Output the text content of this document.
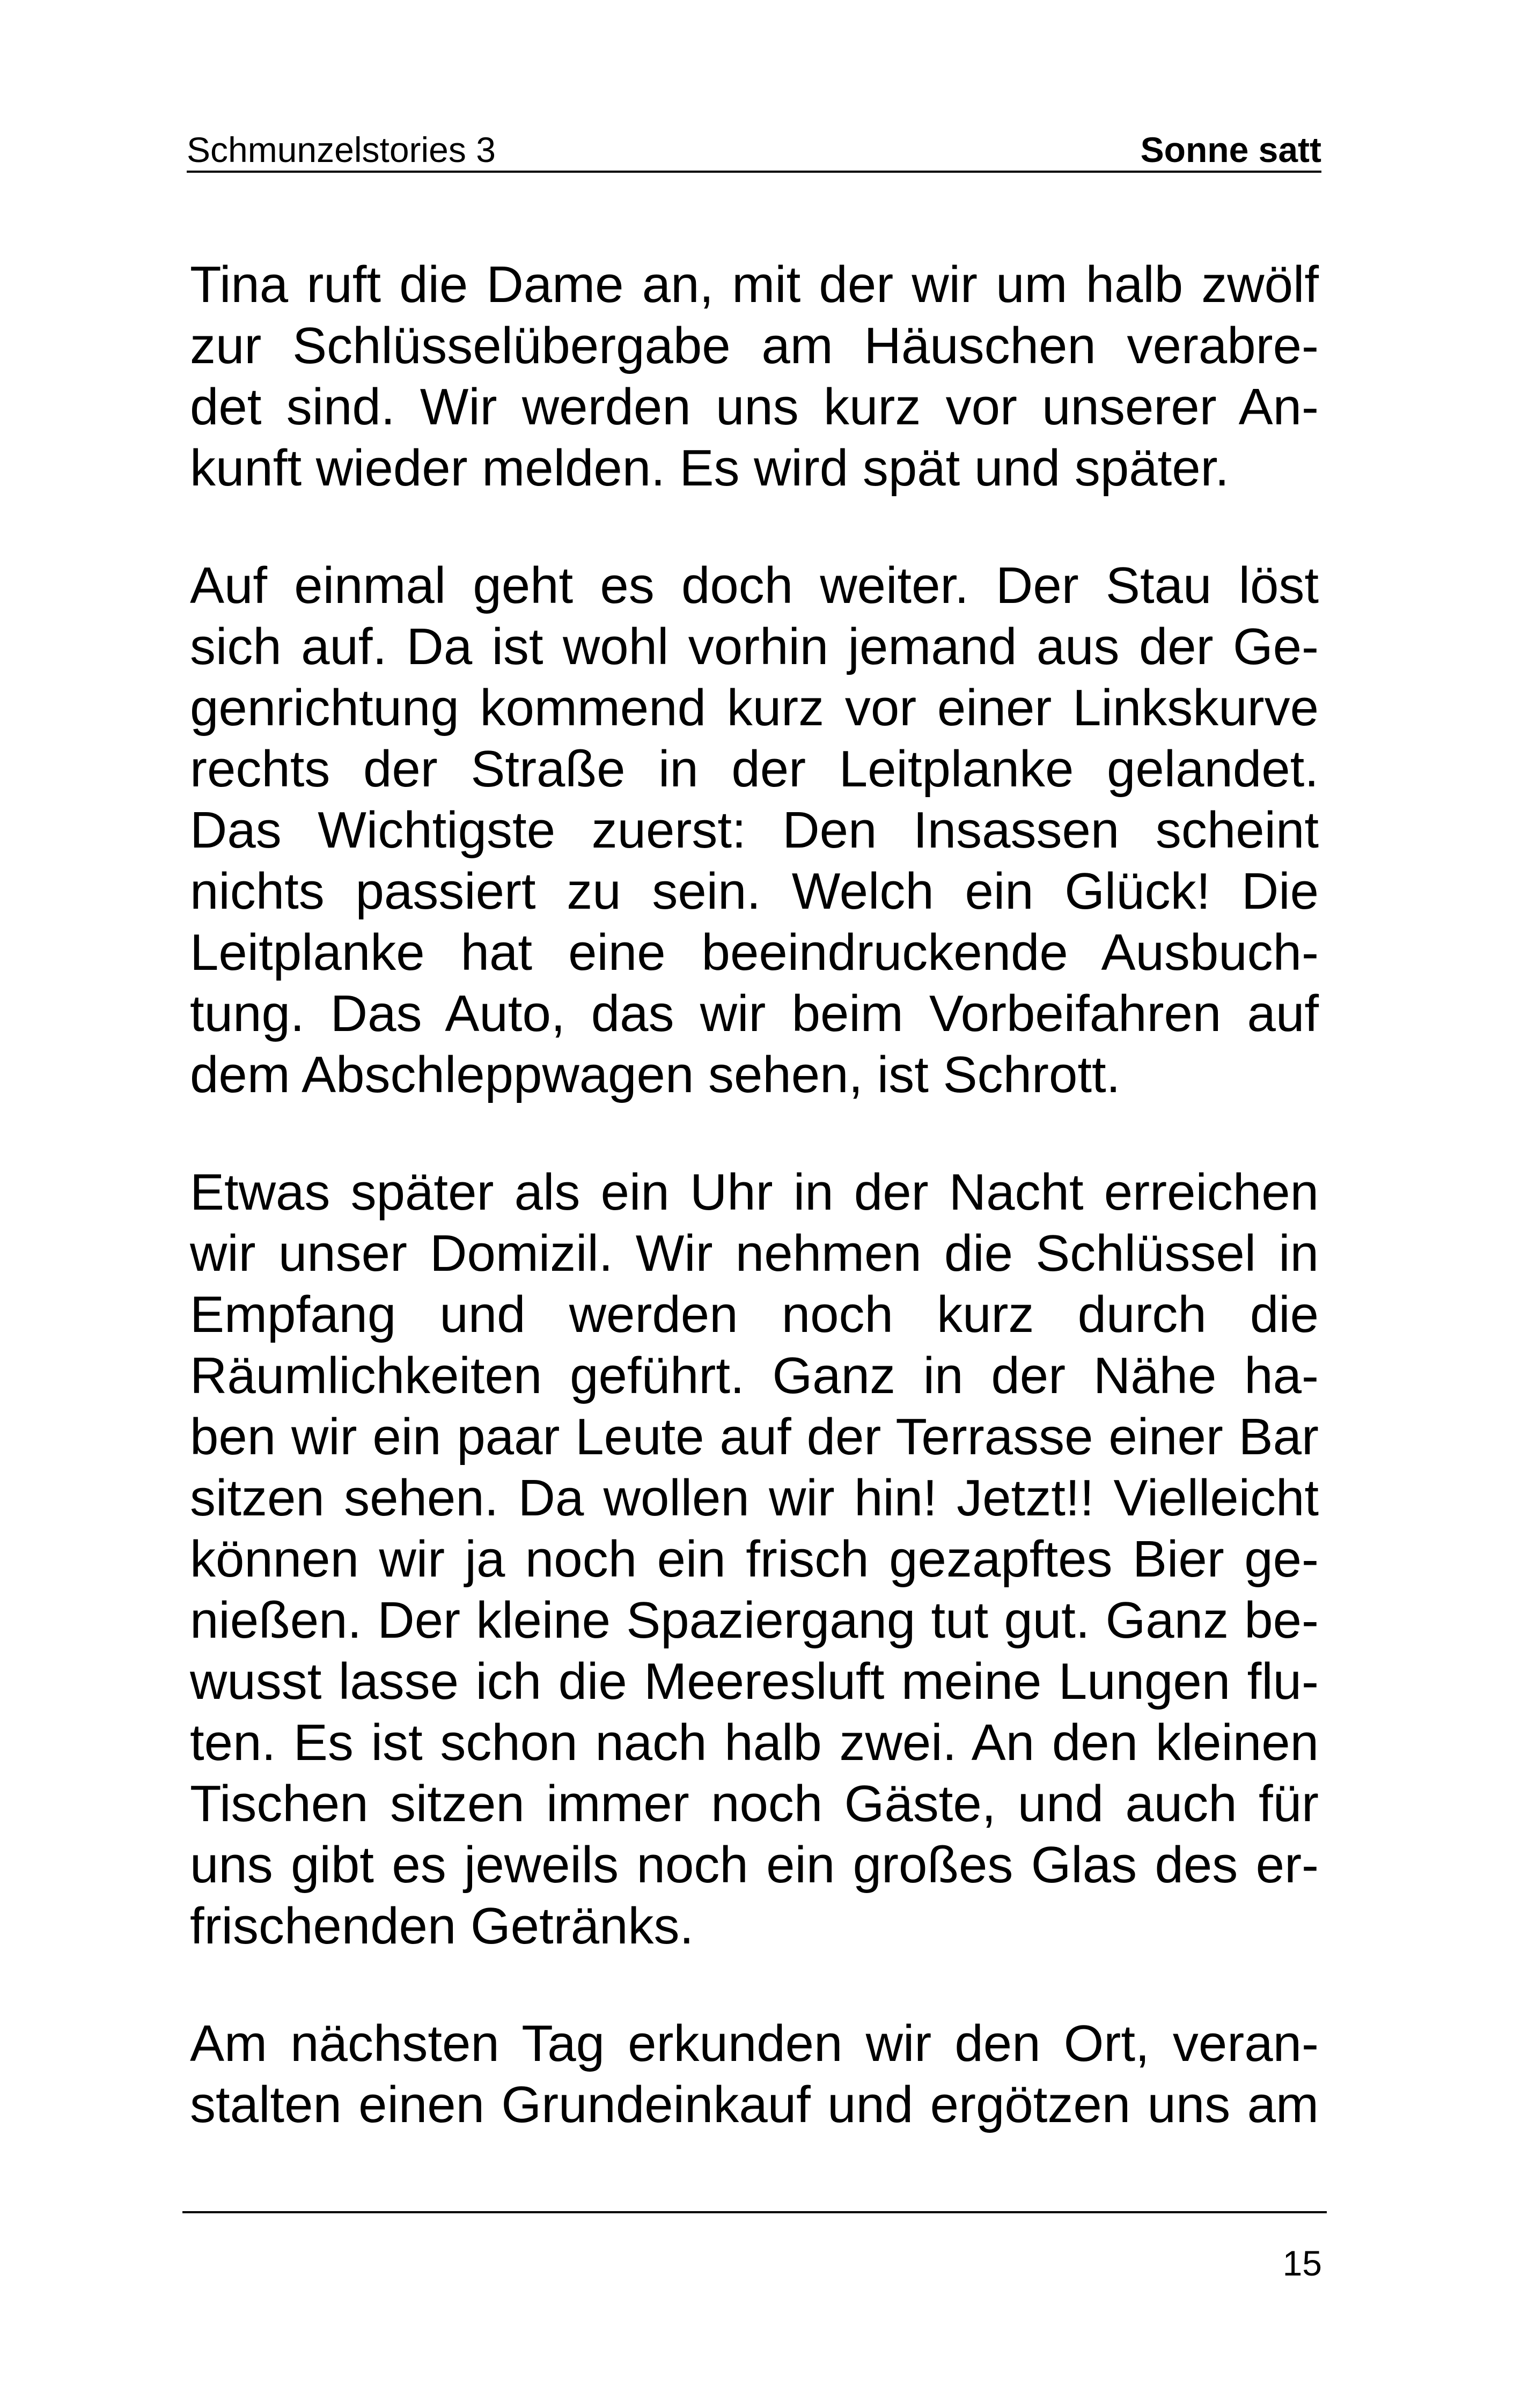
Schmunzelstories 3	Sonne satt
Tina ruft die Dame an, mit der wir um halb zwölf
zur Schlüsselübergabe am Häuschen verabre-
det sind. Wir werden uns kurz vor unserer An-
kunft wieder melden. Es wird spät und später.
Auf einmal geht es doch weiter. Der Stau löst
sich auf. Da ist wohl vorhin jemand aus der Ge-
genrichtung kommend kurz vor einer Linkskurve
rechts der Straße in der Leitplanke gelandet.
Das Wichtigste zuerst: Den Insassen scheint
nichts passiert zu sein. Welch ein Glück! Die
Leitplanke hat eine beeindruckende Ausbuch-
tung. Das Auto, das wir beim Vorbeifahren auf
dem Abschleppwagen sehen, ist Schrott.
Etwas später als ein Uhr in der Nacht erreichen
wir unser Domizil. Wir nehmen die Schlüssel in
Empfang und werden noch kurz durch die
Räumlichkeiten geführt. Ganz in der Nähe ha-
ben wir ein paar Leute auf der Terrasse einer Bar
sitzen sehen. Da wollen wir hin! Jetzt!! Vielleicht
können wir ja noch ein frisch gezapftes Bier ge-
nießen. Der kleine Spaziergang tut gut. Ganz be-
wusst lasse ich die Meeresluft meine Lungen flu-
ten. Es ist schon nach halb zwei. An den kleinen
Tischen sitzen immer noch Gäste, und auch für
uns gibt es jeweils noch ein großes Glas des er-
frischenden Getränks.
Am nächsten Tag erkunden wir den Ort, veran-
stalten einen Grundeinkauf und ergötzen uns am
15
